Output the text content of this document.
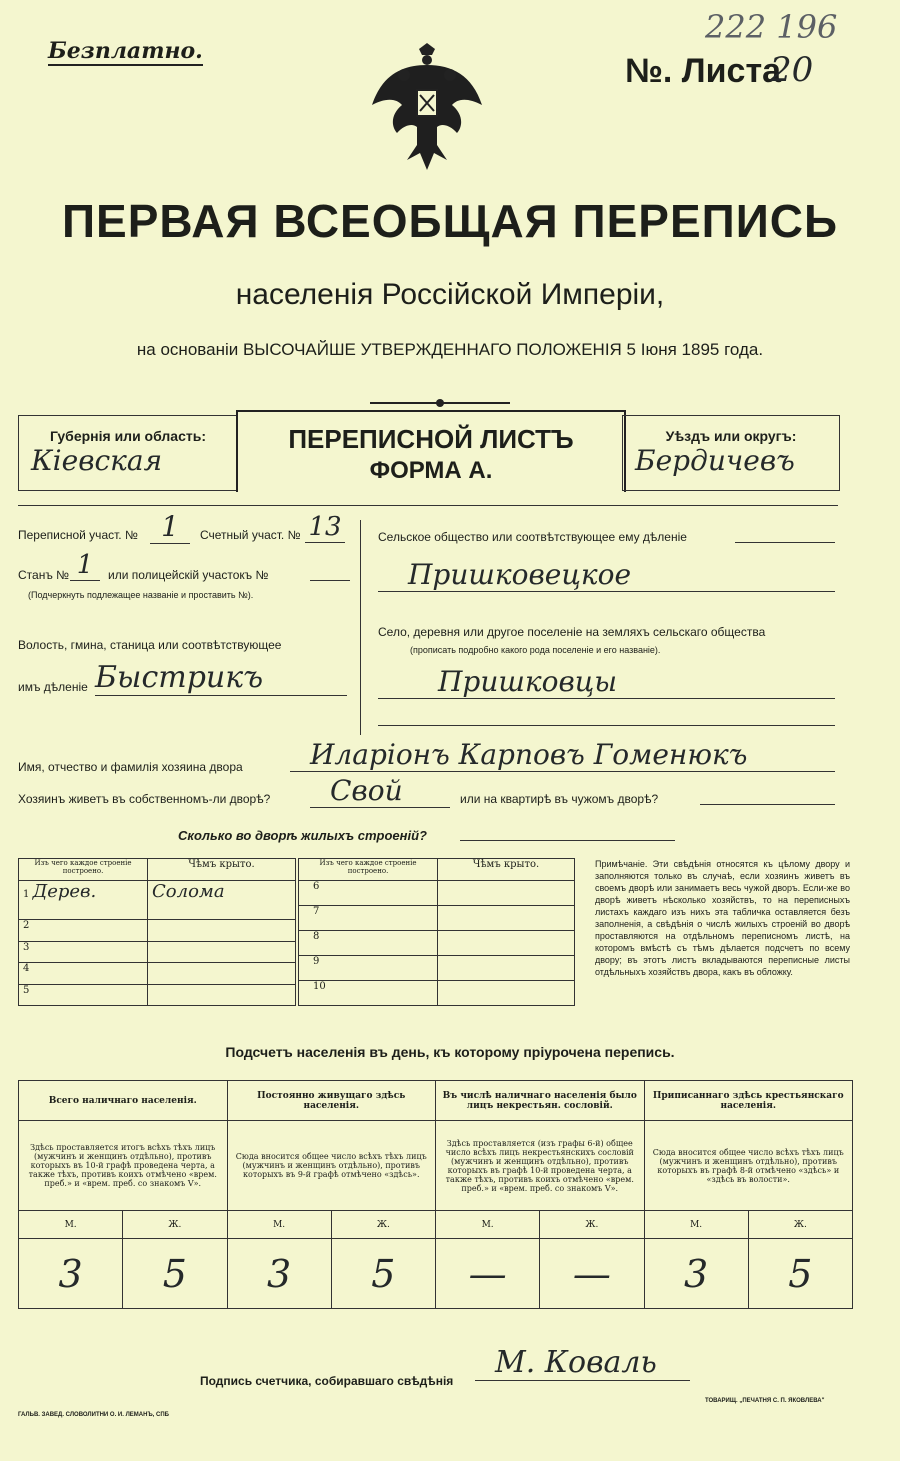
Безплатно.
№. Листа
20
222 196
ПЕРВАЯ ВСЕОБЩАЯ ПЕРЕПИСЬ
населенія Россійской Имперіи,
на основаніи ВЫСОЧАЙШЕ УТВЕРЖДЕННАГО ПОЛОЖЕНІЯ 5 Іюня 1895 года.
Губернія или область:
Кіевская
ПЕРЕПИСНОЙ ЛИСТЪ
ФОРМА А.
Уѣздъ или округъ:
Бердичевъ
Переписной участ. № 1	Счетный участ. № 13
Станъ № 1	или полицейскій участокъ №
(Подчеркнуть подлежащее названіе и проставить №).
Волость, гмина, станица или соотвѣтствующее
имъ дѣленіе Быстрикъ
Сельское общество или соотвѣтствующее ему дѣленіе
Пришковецкое
Село, деревня или другое поселеніе на земляхъ сельскаго общества
(прописать подробно какого рода поселеніе и его названіе).
Пришковцы
Имя, отчество и фамилія хозяина двора	Иларіонъ Карповъ Гоменюкъ
Хозяинъ живетъ въ собственномъ-ли дворѣ?	Свой	или на квартирѣ въ чужомъ дворѣ?
Сколько во дворѣ жилыхъ строеній?
Изъ чего каждое строеніе построено.	Чѣмъ крыто.
1 Дерев.	Солома
2	
3	
4	
5	
Изъ чего каждое строеніе построено.	Чѣмъ крыто.
6	
7	
8	
9	
10	
Примѣчаніе. Эти свѣдѣнія относятся къ цѣлому двору и заполняются только въ случаѣ, если хозяинъ живетъ въ своемъ дворѣ или занимаетъ весь чужой дворъ. Если-же во дворѣ живетъ нѣсколько хозяйствъ, то на переписныхъ листахъ каждаго изъ нихъ эта табличка оставляется безъ заполненія, а свѣдѣнія о числѣ жилыхъ строеній во дворѣ проставляются на отдѣльномъ переписномъ листѣ, на которомъ вмѣстѣ съ тѣмъ дѣлается подсчетъ по всему двору; въ этотъ листъ вкладываются переписные листы отдѣльныхъ хозяйствъ двора, какъ въ обложку.
Подсчетъ населенія въ день, къ которому пріурочена перепись.
Всего наличнаго населенія.		Постоянно живущаго здѣсь населенія.		Въ числѣ наличнаго населенія было лицъ некрестьян. сословій.		Приписаннаго здѣсь крестьянскаго населенія.	
Здѣсь проставляется итогъ всѣхъ тѣхъ лицъ (мужчинъ и женщинъ отдѣльно), противъ которыхъ въ 10-й графѣ проведена черта, а также тѣхъ, противъ коихъ отмѣчено «врем. преб.» и «врем. преб. со знакомъ V».		Сюда вносится общее число всѣхъ тѣхъ лицъ (мужчинъ и женщинъ отдѣльно), противъ которыхъ въ 9-й графѣ отмѣчено «здѣсь».		Здѣсь проставляется (изъ графы 6-й) общее число всѣхъ лицъ некрестьянскихъ сословій (мужчинъ и женщинъ отдѣльно), противъ которыхъ въ графѣ 10-й проведена черта, а также тѣхъ, противъ коихъ отмѣчено «врем. преб.» и «врем. преб. со знакомъ V».		Сюда вносится общее число всѣхъ тѣхъ лицъ (мужчинъ и женщинъ отдѣльно), противъ которыхъ въ графѣ 8-й отмѣчено «здѣсь» и «здѣсь въ волости».	
М.	Ж.	М.	Ж.	М.	Ж.	М.	Ж.
3	5	3	5	—	—	3	5
Подпись счетчика, собиравшаго свѣдѣнія
М. Коваль
ГАЛЬВ. ЗАВЕД. СЛОВОЛИТНИ О. И. ЛЕМАНЪ, СПБ
ТОВАРИЩ. „ПЕЧАТНЯ С. П. ЯКОВЛЕВА"
